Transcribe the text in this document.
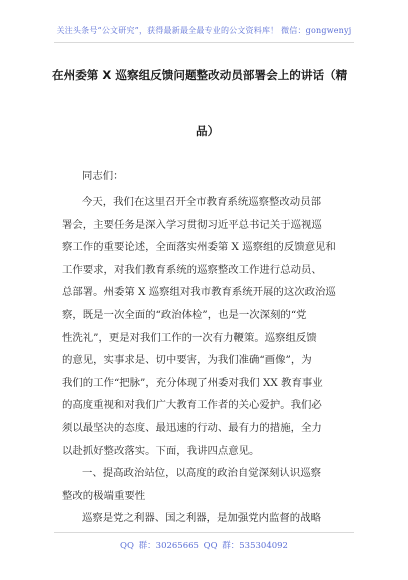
关注头条号“公文研究”，获得最新最全最专业的公文资料库！ 微信：gongwenyj
在州委第 X 巡察组反馈问题整改动员部署会上的讲话（精
品）
同志们：
今天，我们在这里召开全市教育系统巡察整改动员部
署会，主要任务是深入学习贯彻习近平总书记关于巡视巡
察工作的重要论述，全面落实州委第 X 巡察组的反馈意见和
工作要求，对我们教育系统的巡察整改工作进行总动员、
总部署。州委第 X 巡察组对我市教育系统开展的这次政治巡
察，既是一次全面的“政治体检”，也是一次深刻的“党
性洗礼”，更是对我们工作的一次有力鞭策。巡察组反馈
的意见，实事求是、切中要害，为我们准确“画像”，为
我们的工作“把脉”，充分体现了州委对我们 XX 教育事业
的高度重视和对我们广大教育工作者的关心爱护。我们必
须以最坚决的态度、最迅速的行动、最有力的措施，全力
以赴抓好整改落实。下面，我讲四点意见。
一、提高政治站位，以高度的政治自觉深刻认识巡察
整改的极端重要性
巡察是党之利器、国之利器，是加强党内监督的战略
QQ 群：30265665 QQ 群：535304092
